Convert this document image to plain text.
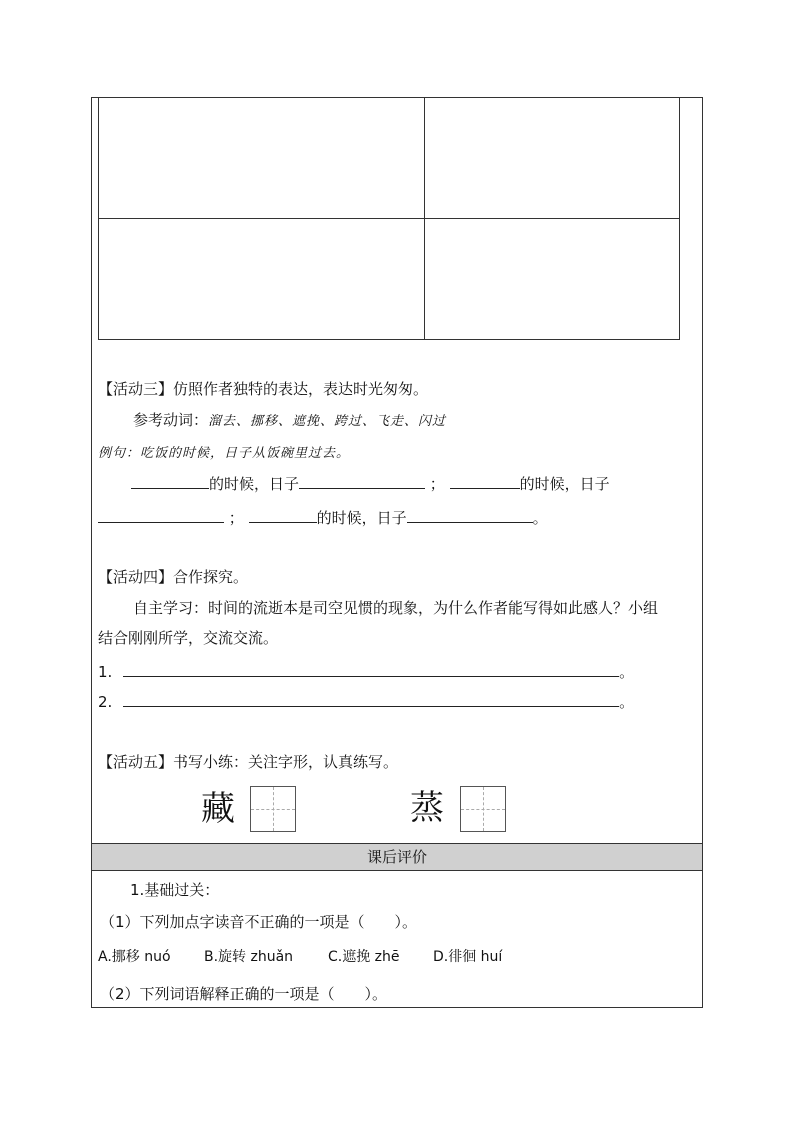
【活动三】仿照作者独特的表达，表达时光匆匆。
参考动词：溜去、挪移、遮挽、跨过、飞走、闪过
例句：吃饭的时候，日子从饭碗里过去。
的时候，日子	；	的时候，日子
；	的时候，日子	。
【活动四】合作探究。
自主学习：时间的流逝本是司空见惯的现象，为什么作者能写得如此感人？小组
结合刚刚所学，交流交流。
1.	。
2.	。
【活动五】书写小练：关注字形，认真练写。
藏	蒸
课后评价
1.基础过关：
（1）下列加点字读音不正确的一项是（　　）。
A.挪移 nuó B.旋转 zhuǎn C.遮挽 zhē D.徘徊 huí
（2）下列词语解释正确的一项是（　　）。
